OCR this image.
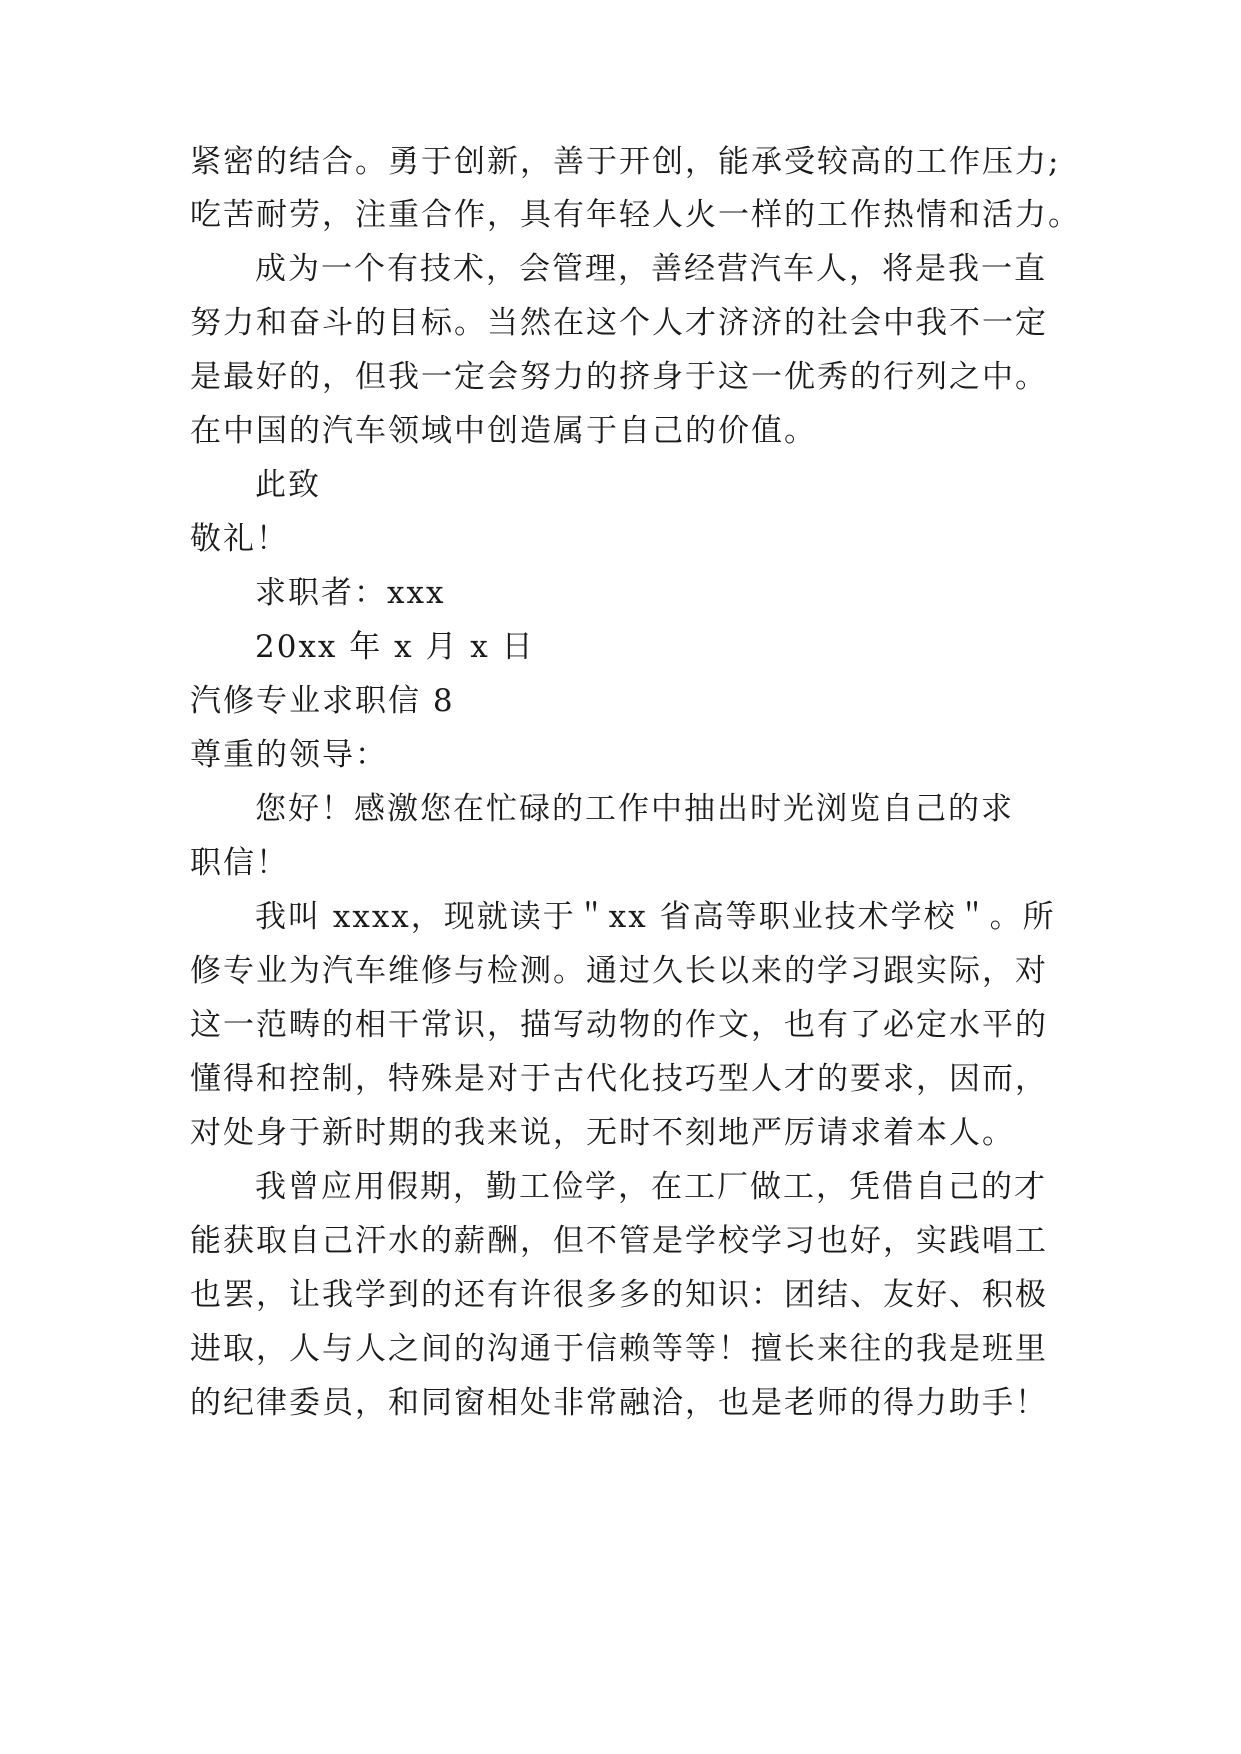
紧密的结合。勇于创新，善于开创，能承受较高的工作压力;
吃苦耐劳，注重合作，具有年轻人火一样的工作热情和活力。
成为一个有技术，会管理，善经营汽车人，将是我一直
努力和奋斗的目标。当然在这个人才济济的社会中我不一定
是最好的，但我一定会努力的挤身于这一优秀的行列之中。
在中国的汽车领域中创造属于自己的价值。
此致
敬礼！
求职者：xxx
20xx 年 x 月 x 日
汽修专业求职信 8
尊重的领导：
您好！感激您在忙碌的工作中抽出时光浏览自己的求
职信！
我叫 xxxx，现就读于＂xx 省高等职业技术学校＂。所
修专业为汽车维修与检测。通过久长以来的学习跟实际，对
这一范畴的相干常识，描写动物的作文，也有了必定水平的
懂得和控制，特殊是对于古代化技巧型人才的要求，因而，
对处身于新时期的我来说，无时不刻地严厉请求着本人。
我曾应用假期，勤工俭学，在工厂做工，凭借自己的才
能获取自己汗水的薪酬，但不管是学校学习也好，实践唱工
也罢，让我学到的还有许很多多的知识：团结、友好、积极
进取，人与人之间的沟通于信赖等等！擅长来往的我是班里
的纪律委员，和同窗相处非常融洽，也是老师的得力助手！
